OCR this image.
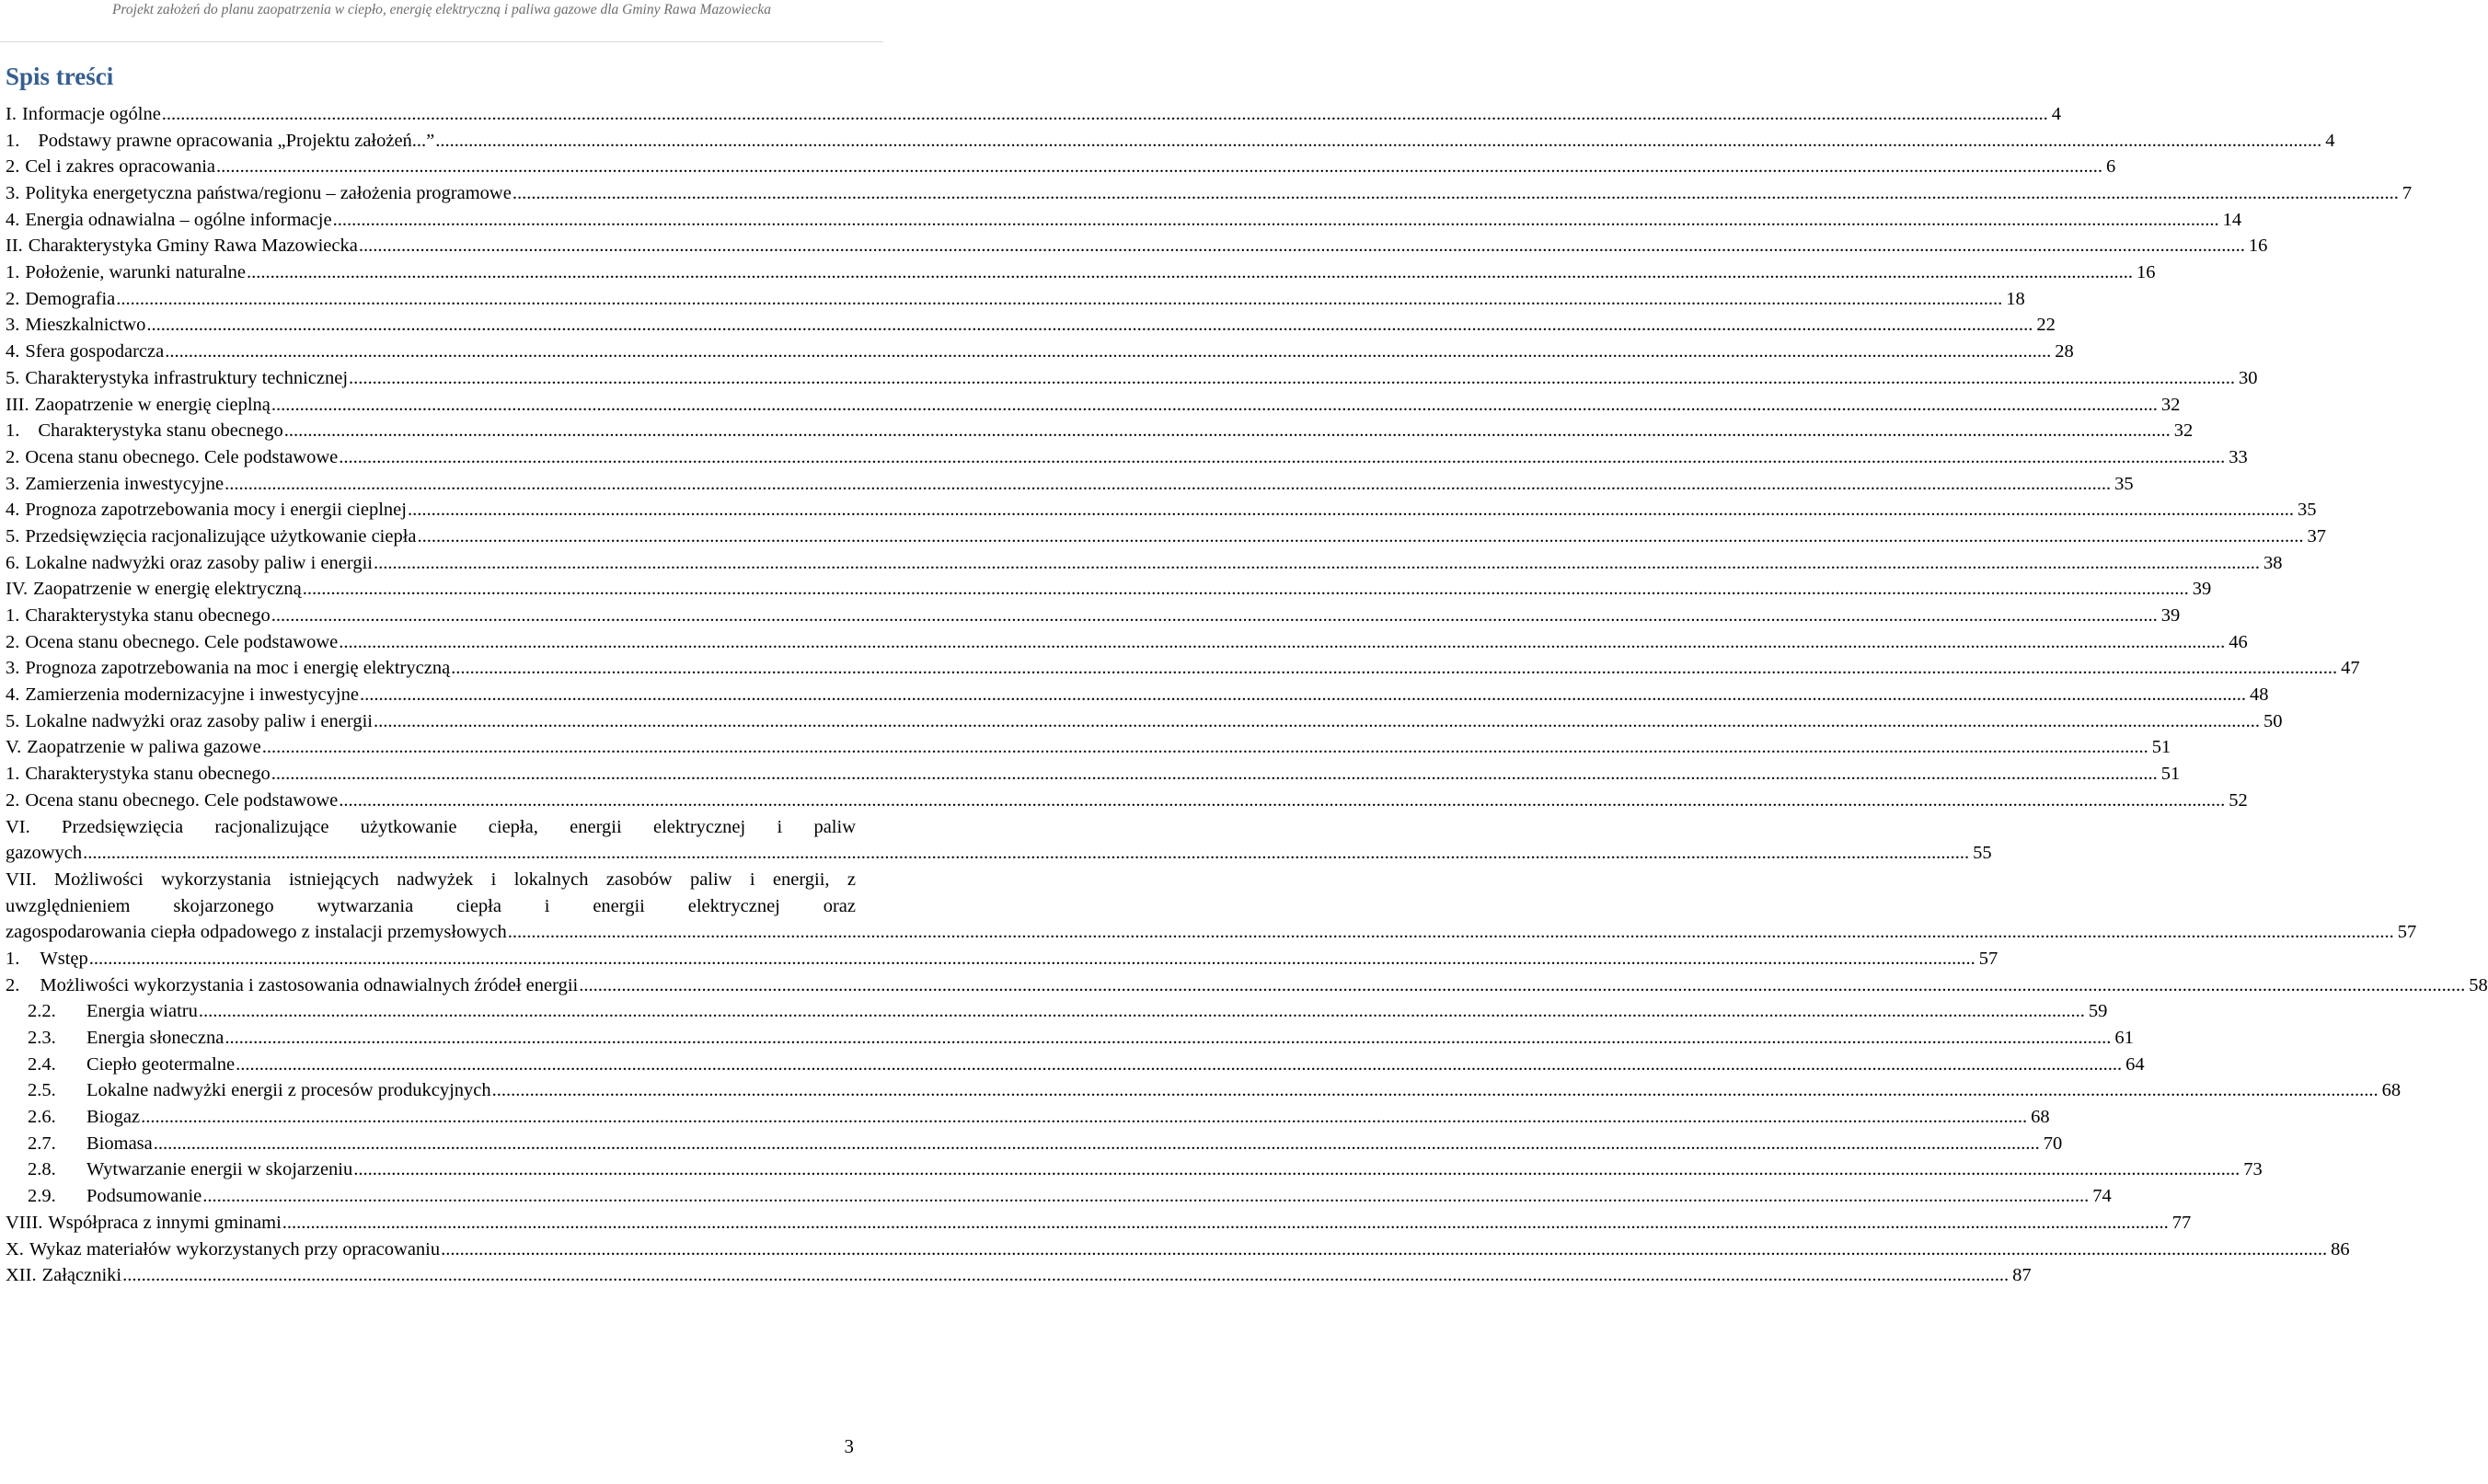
Projekt założeń do planu zaopatrzenia w ciepło, energię elektryczną i paliwa gazowe dla Gminy Rawa Mazowiecka
Spis treści
I. Informacje ogólne ................................................................................................................................................................................................................................................................................................................................................................................................................ 4
1. Podstawy prawne opracowania „Projektu założeń...” ................................................................................................................................................................................................................................................................................................................................................................................................................ 4
2. Cel i zakres opracowania ................................................................................................................................................................................................................................................................................................................................................................................................................ 6
3. Polityka energetyczna państwa/regionu – założenia programowe ................................................................................................................................................................................................................................................................................................................................................................................................................ 7
4. Energia odnawialna – ogólne informacje ................................................................................................................................................................................................................................................................................................................................................................................................................ 14
II. Charakterystyka Gminy Rawa Mazowiecka ................................................................................................................................................................................................................................................................................................................................................................................................................ 16
1. Położenie, warunki naturalne ................................................................................................................................................................................................................................................................................................................................................................................................................ 16
2. Demografia ................................................................................................................................................................................................................................................................................................................................................................................................................ 18
3. Mieszkalnictwo ................................................................................................................................................................................................................................................................................................................................................................................................................ 22
4. Sfera gospodarcza ................................................................................................................................................................................................................................................................................................................................................................................................................ 28
5. Charakterystyka infrastruktury technicznej ................................................................................................................................................................................................................................................................................................................................................................................................................ 30
III. Zaopatrzenie w energię cieplną ................................................................................................................................................................................................................................................................................................................................................................................................................ 32
1. Charakterystyka stanu obecnego ................................................................................................................................................................................................................................................................................................................................................................................................................ 32
2. Ocena stanu obecnego. Cele podstawowe ................................................................................................................................................................................................................................................................................................................................................................................................................ 33
3. Zamierzenia inwestycyjne ................................................................................................................................................................................................................................................................................................................................................................................................................ 35
4. Prognoza zapotrzebowania mocy i energii cieplnej ................................................................................................................................................................................................................................................................................................................................................................................................................ 35
5. Przedsięwzięcia racjonalizujące użytkowanie ciepła ................................................................................................................................................................................................................................................................................................................................................................................................................ 37
6. Lokalne nadwyżki oraz zasoby paliw i energii ................................................................................................................................................................................................................................................................................................................................................................................................................ 38
IV. Zaopatrzenie w energię elektryczną ................................................................................................................................................................................................................................................................................................................................................................................................................ 39
1. Charakterystyka stanu obecnego ................................................................................................................................................................................................................................................................................................................................................................................................................ 39
2. Ocena stanu obecnego. Cele podstawowe ................................................................................................................................................................................................................................................................................................................................................................................................................ 46
3. Prognoza zapotrzebowania na moc i energię elektryczną ................................................................................................................................................................................................................................................................................................................................................................................................................ 47
4. Zamierzenia modernizacyjne i inwestycyjne ................................................................................................................................................................................................................................................................................................................................................................................................................ 48
5. Lokalne nadwyżki oraz zasoby paliw i energii ................................................................................................................................................................................................................................................................................................................................................................................................................ 50
V. Zaopatrzenie w paliwa gazowe ................................................................................................................................................................................................................................................................................................................................................................................................................ 51
1. Charakterystyka stanu obecnego ................................................................................................................................................................................................................................................................................................................................................................................................................ 51
2. Ocena stanu obecnego. Cele podstawowe ................................................................................................................................................................................................................................................................................................................................................................................................................ 52
VI. Przedsięwzięcia racjonalizujące użytkowanie ciepła, energii elektrycznej i paliw
gazowych ................................................................................................................................................................................................................................................................................................................................................................................................................ 55
VII. Możliwości wykorzystania istniejących nadwyżek i lokalnych zasobów paliw i energii, z
uwzględnieniem skojarzonego wytwarzania ciepła i energii elektrycznej oraz
zagospodarowania ciepła odpadowego z instalacji przemysłowych ................................................................................................................................................................................................................................................................................................................................................................................................................ 57
1. Wstęp ................................................................................................................................................................................................................................................................................................................................................................................................................ 57
2. Możliwości wykorzystania i zastosowania odnawialnych źródeł energii ................................................................................................................................................................................................................................................................................................................................................................................................................ 58
2.2.	Energia wiatru ................................................................................................................................................................................................................................................................................................................................................................................................................ 59
2.3.	Energia słoneczna ................................................................................................................................................................................................................................................................................................................................................................................................................ 61
2.4.	Ciepło geotermalne ................................................................................................................................................................................................................................................................................................................................................................................................................ 64
2.5.	Lokalne nadwyżki energii z procesów produkcyjnych ................................................................................................................................................................................................................................................................................................................................................................................................................ 68
2.6.	Biogaz ................................................................................................................................................................................................................................................................................................................................................................................................................ 68
2.7.	Biomasa ................................................................................................................................................................................................................................................................................................................................................................................................................ 70
2.8.	Wytwarzanie energii w skojarzeniu ................................................................................................................................................................................................................................................................................................................................................................................................................ 73
2.9.	Podsumowanie ................................................................................................................................................................................................................................................................................................................................................................................................................ 74
VIII. Współpraca z innymi gminami ................................................................................................................................................................................................................................................................................................................................................................................................................ 77
X. Wykaz materiałów wykorzystanych przy opracowaniu ................................................................................................................................................................................................................................................................................................................................................................................................................ 86
XII. Załączniki ................................................................................................................................................................................................................................................................................................................................................................................................................ 87
3
